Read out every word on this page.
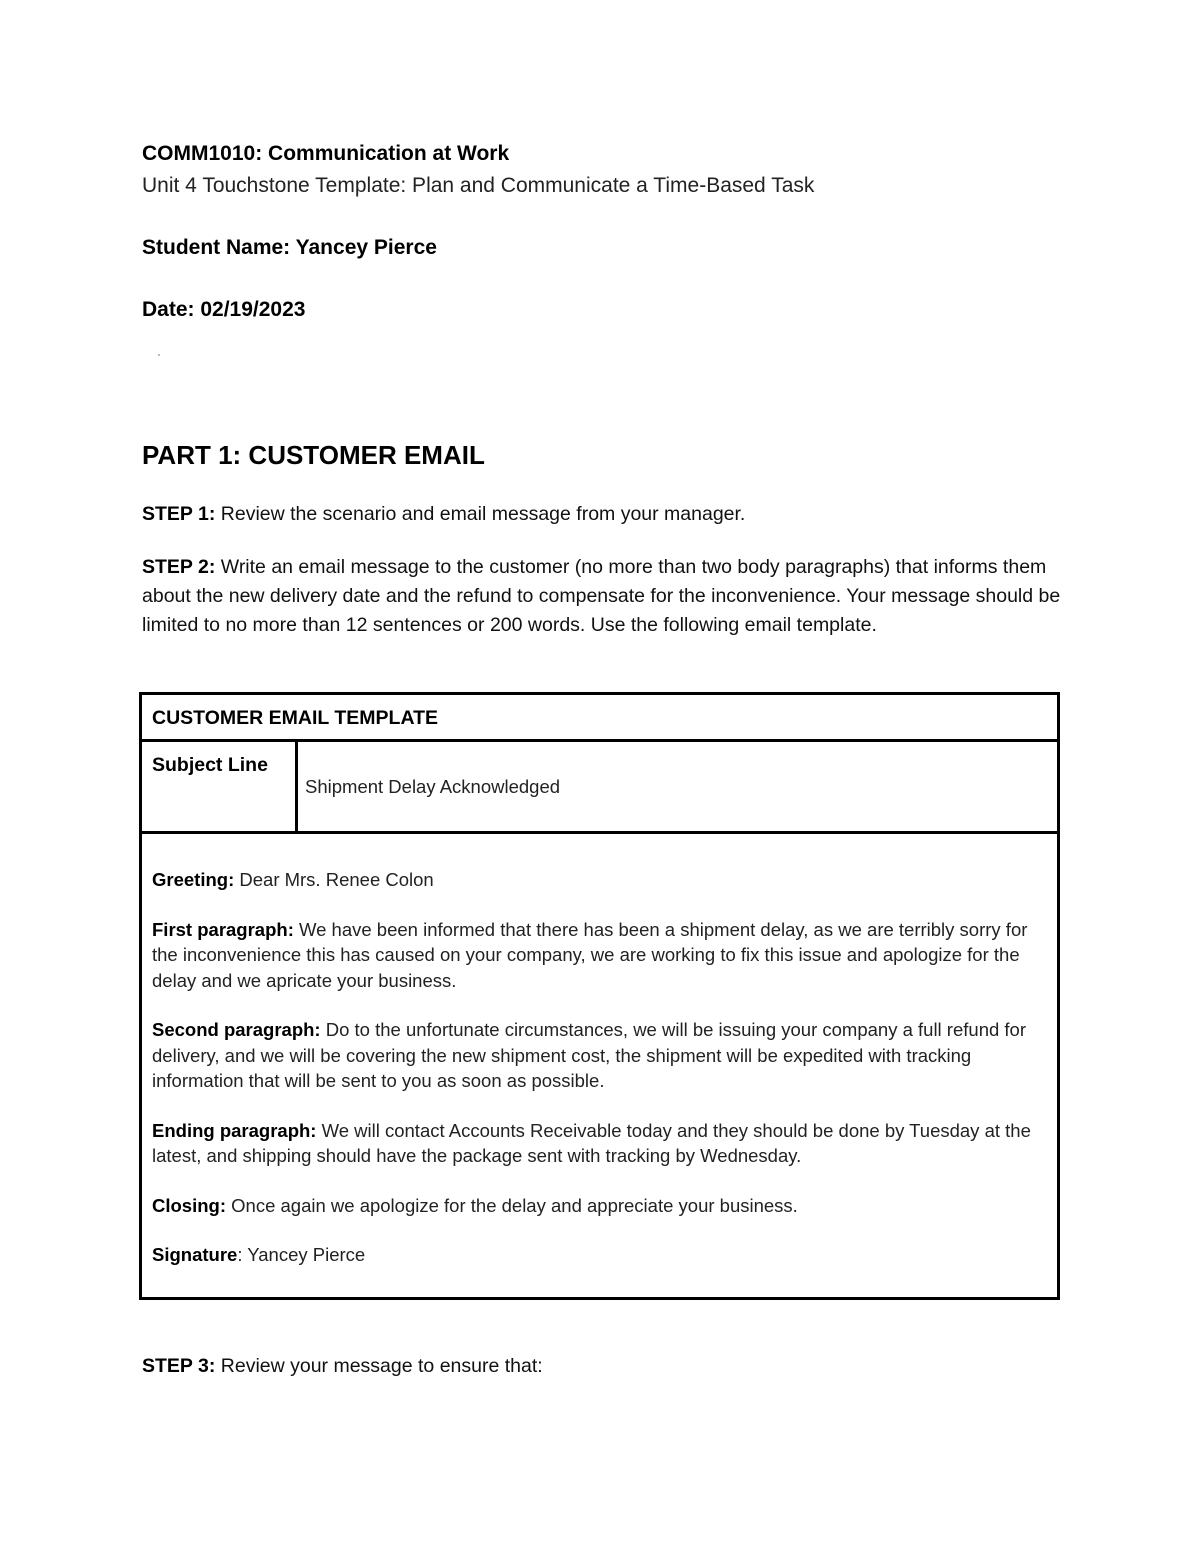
COMM1010: Communication at Work
Unit 4 Touchstone Template: Plan and Communicate a Time-Based Task
Student Name: Yancey Pierce
Date: 02/19/2023
PART 1: CUSTOMER EMAIL
STEP 1: Review the scenario and email message from your manager.
STEP 2: Write an email message to the customer (no more than two body paragraphs) that informs them about the new delivery date and the refund to compensate for the inconvenience. Your message should be limited to no more than 12 sentences or 200 words. Use the following email template.
CUSTOMER EMAIL TEMPLATE
Subject Line
Shipment Delay Acknowledged

Greeting: Dear Mrs. Renee Colon

First paragraph: We have been informed that there has been a shipment delay, as we are terribly sorry for the inconvenience this has caused on your company, we are working to fix this issue and apologize for the delay and we apricate your business.

Second paragraph: Do to the unfortunate circumstances, we will be issuing your company a full refund for delivery, and we will be covering the new shipment cost, the shipment will be expedited with tracking information that will be sent to you as soon as possible.

Ending paragraph: We will contact Accounts Receivable today and they should be done by Tuesday at the latest, and shipping should have the package sent with tracking by Wednesday.

Closing: Once again we apologize for the delay and appreciate your business.

Signature: Yancey Pierce

STEP 3: Review your message to ensure that:
